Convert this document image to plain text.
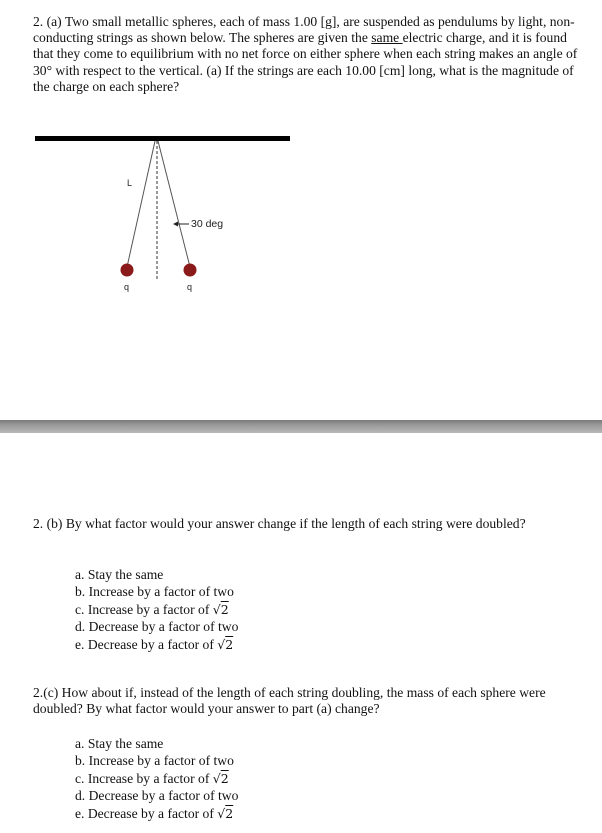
2. (a) Two small metallic spheres, each of mass 1.00 [g], are suspended as pendulums by light, non-conducting strings as shown below. The spheres are given the same electric charge, and it is found that they come to equilibrium with no net force on either sphere when each string makes an angle of 30° with respect to the vertical. (a) If the strings are each 10.00 [cm] long, what is the magnitude of the charge on each sphere?

L
30 deg
q	q

2. (b) By what factor would your answer change if the length of each string were doubled?

a. Stay the same
b. Increase by a factor of two
c. Increase by a factor of √2
d. Decrease by a factor of two
e. Decrease by a factor of √2

2.(c) How about if, instead of the length of each string doubling, the mass of each sphere were doubled? By what factor would your answer to part (a) change?

a. Stay the same
b. Increase by a factor of two
c. Increase by a factor of √2
d. Decrease by a factor of two
e. Decrease by a factor of √2
